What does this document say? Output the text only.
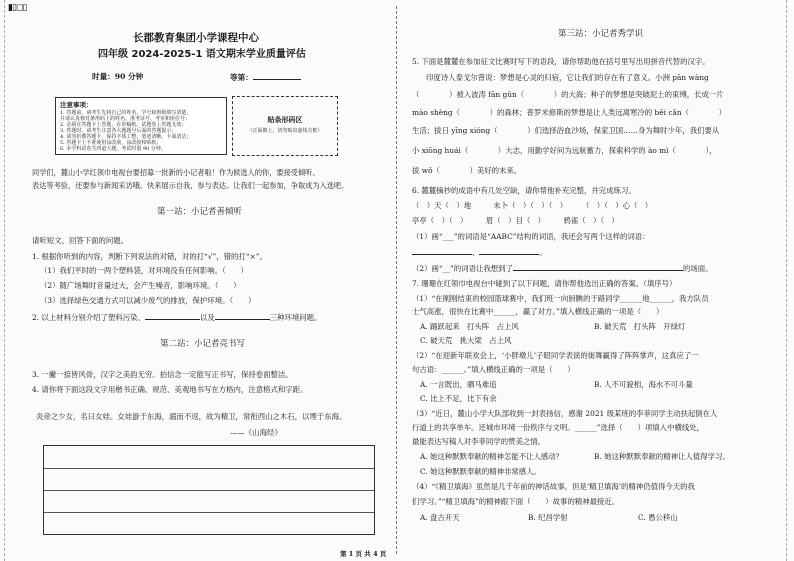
▮▯◻▯
长郡教育集团小学课程中心
四年级 2024-2025-1 语文期末学业质量评估
时量：90 分钟	等第：
注意事项：
1. 答题前，请考生先将自己的姓名、学号和班级填写清楚，
并请认真核对条形码上的姓名、准考证号、考室和座位号；
2. 必须在答题卡上答题，在草稿纸、试题卷上答题无效；
3. 答题时，请考生注意各大题题号后面的答题提示；
4. 请勿折叠答题卡，保持字体工整、笔迹清晰、卡面清洁；
5. 答题卡上不准使用涂改液、涂改胶和贴纸；
6. 本学科试卷共四道大题，考试时量 90 分钟。
贴条形码区
（正面朝上，切勿贴出虚线方框）
同学们，麓山小学红领巾电视台要招募一批新的小记者啦！作为候选人的你，要接受倾听、
表达等考验，还要参与新闻采访哦。快来展示自我，参与表达。让我们一起参加，争取成为入选吧。
第一站：小记者善倾听
请听短文，回答下面的问题。
1. 根据你听到的内容，判断下列说法的对错，对的打“√”，错的打“×”。
（1）我们平时的一两个塑料袋，对环境没有任何影响。（　　）
（2）随广场舞时音量过大，会产生噪音，影响环境。（　　）
（3）选择绿色交通方式可以减少废气的排放，保护环境。（　　）
2. 以上材料分别介绍了塑料污染、	以及	三种环境问题。
第二站：小记者亮书写
3. 一撇一捺皆风骨，汉字之美韵无穷。拍信念一定能写正书写，保持卷面整洁。
4. 请你将下面这段文字用楷书正确、规范、美观地书写在方格内，注意格式和字距。
炎帝之少女，名曰女娃。女娃游于东海，溺而不返，故为精卫，常衔西山之木石，以堙于东海。
——《山海经》
第三站：小记者秀学识
5. 下面是麓麓在参加征文比赛时写下的语段，请你帮助他在括号里写出用拼音代替的汉字。
印度诗人泰戈尔曾说：梦想是心灵的归宿，它让我们的存在有了意义。小洲 pān wàng
（　　　　）被入波涛 fān gǔn（　　　　）的大海；种子的梦想是突破泥土的束缚，长成一片
mào shèng（　　　　）的森林；普罗米修斯的梦想是让人类远离寒冷的 bēi cǎn（　　　　）
生活；拔日 yīng xióng（　　　　）们选择浴血沙场，保家卫国……身为舞时少年，我们要从
小 xiōng huái（　　　　）大志，用勤学好问为远航蓄力，探索科学的 ào mì（　　　　），
拔 wǒ（　　　　）美好的未来。
6. 麓麓摘抄的成语中有几处空缺，请你帮他补充完整，并完成练习。
（　）天（　）地　　　未卜（　）（　）（　）　　　（　）（　）心（　）
亭亭（　）（　）　　　眉（　）目（　）　　　鸦雀（　）（　）
（1）画“___”的词语是“AABC”结构的词语，我还会写两个这样的词语：
、	。
（2）画“__”的词语让我想到了	的场面。
7. 珊珊在红领巾电视台中碰到了以下问题，请你帮他选出正确的答案。（填序号）
（1）“在刚刚结束的校园篮球赛中，我们班一向厨腆的于路同学______地______，我方队员
士气高涨，很快在比赛中______，赢了对方。”填入横线正确的一项是（　　）
A. 踊跃起来　打头阵　占上风	B. 破天荒　打头阵　开绿灯
C. 破天荒　挑大梁　占上风
（2）“在迎新年联欢会上，‘小胖墩儿’子昭同学表演的街舞赢得了阵阵掌声，这真应了一
句古语：______。”填入横线正确的一项是（　　）
A. 一言既出，驷马难追	B. 人不可貌相，海水不可斗量
C. 比上不足，比下有余
（3）“近日，麓山小学大队部收到一封表扬信，感谢 2021 级某班的李菲同学主动扶起倒在人
行道上的共享单车。还城市环境一份秩序与文明。______”选择（　　）项填入中横线处，
最能表达写稿人对李菲同学的赞美之情。
A. 她这种默默奉献的精神怎能不让人感动？	B. 她这种默默奉献的精神让人值得学习。
C. 她这种默默奉献的精神非常感人。
（4）“《精卫填海》虽然是几千年前的神话故事，但是‘精卫填海’的精神仍值得今天的我
们学习。”“精卫填海”的精神跟下面（　　）故事的精神最接近。
A. 盘古开天	B. 纪昌学射	C. 愚公移山
第 1 页 共 4 页
